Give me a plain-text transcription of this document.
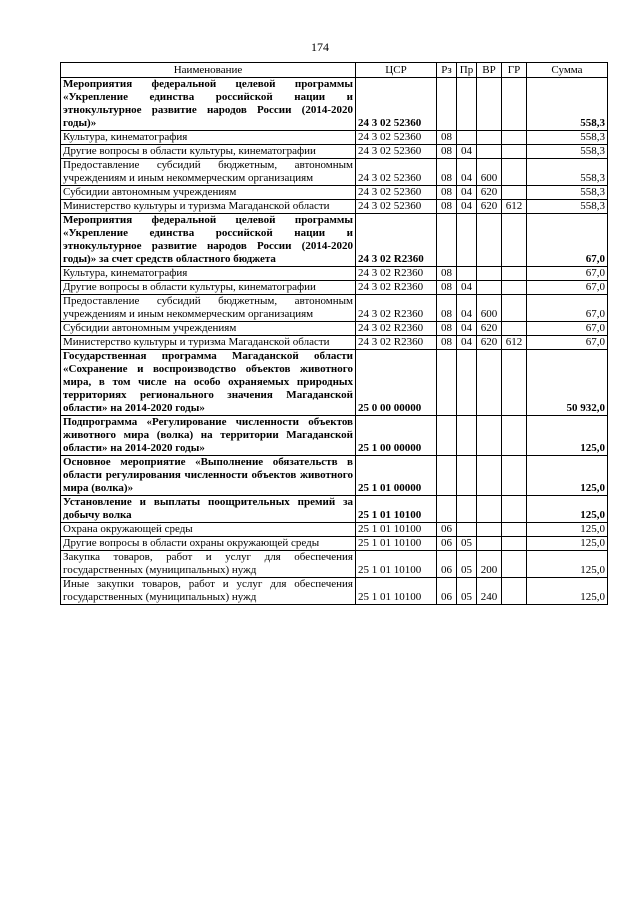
174
Наименование	ЦСР	Рз	Пр	ВР	ГР	Сумма
Мероприятия федеральной целевой программы «Укрепление единства российской нации и этнокультурное развитие народов России (2014-2020 годы)»	24 3 02 52360					558,3
Культура, кинематография	24 3 02 52360	08				558,3
Другие вопросы в области культуры, кинематографии	24 3 02 52360	08	04			558,3
Предоставление субсидий бюджетным, автономным учреждениям и иным некоммерческим организациям	24 3 02 52360	08	04	600		558,3
Субсидии автономным учреждениям	24 3 02 52360	08	04	620		558,3
Министерство культуры и туризма Магаданской области	24 3 02 52360	08	04	620	612	558,3
Мероприятия федеральной целевой программы «Укрепление единства российской нации и этнокультурное развитие народов России (2014-2020 годы)» за счет средств областного бюджета	24 3 02 R2360					67,0
Культура, кинематография	24 3 02 R2360	08				67,0
Другие вопросы в области культуры, кинематографии	24 3 02 R2360	08	04			67,0
Предоставление субсидий бюджетным, автономным учреждениям и иным некоммерческим организациям	24 3 02 R2360	08	04	600		67,0
Субсидии автономным учреждениям	24 3 02 R2360	08	04	620		67,0
Министерство культуры и туризма Магаданской области	24 3 02 R2360	08	04	620	612	67,0
Государственная программа Магаданской области «Сохранение и воспроизводство объектов животного мира, в том числе на особо охраняемых природных территориях регионального значения Магаданской области» на 2014-2020 годы»	25 0 00 00000					50 932,0
Подпрограмма «Регулирование численности объектов животного мира (волка) на территории Магаданской области» на 2014-2020 годы»	25 1 00 00000					125,0
Основное мероприятие «Выполнение обязательств в области регулирования численности объектов животного мира (волка)»	25 1 01 00000					125,0
Установление и выплаты поощрительных премий за добычу волка	25 1 01 10100					125,0
Охрана окружающей среды	25 1 01 10100	06				125,0
Другие вопросы в области охраны окружающей среды	25 1 01 10100	06	05			125,0
Закупка товаров, работ и услуг для обеспечения государственных (муниципальных) нужд	25 1 01 10100	06	05	200		125,0
Иные закупки товаров, работ и услуг для обеспечения государственных (муниципальных) нужд	25 1 01 10100	06	05	240		125,0
